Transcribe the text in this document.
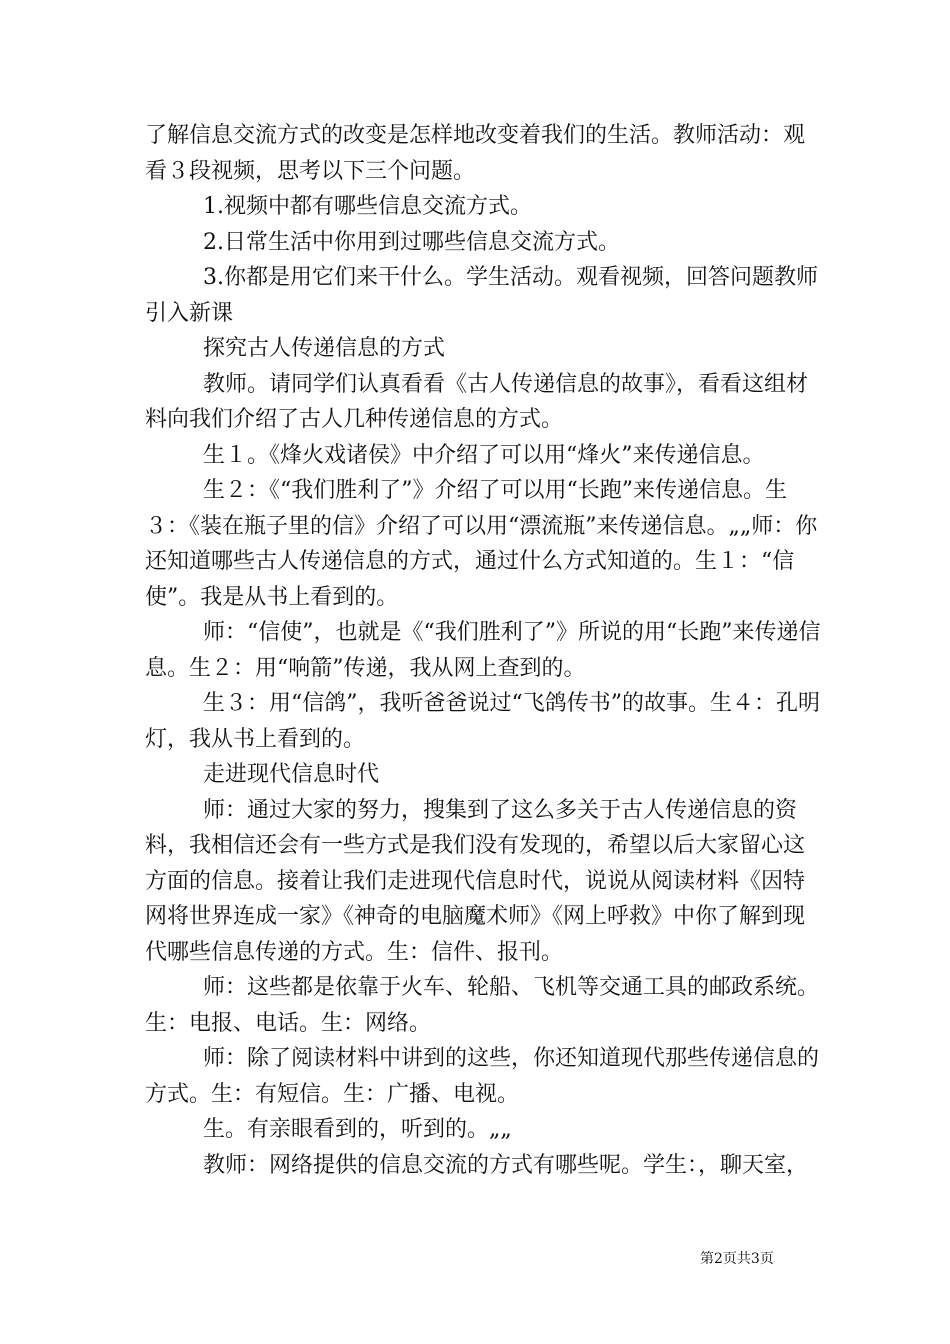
了解信息交流方式的改变是怎样地改变着我们的生活。教师活动：观看３段视频，思考以下三个问题。

1.视频中都有哪些信息交流方式。

2.日常生活中你用到过哪些信息交流方式。

3.你都是用它们来干什么。学生活动。观看视频，回答问题教师引入新课

探究古人传递信息的方式

教师。请同学们认真看看《古人传递信息的故事》，看看这组材料向我们介绍了古人几种传递信息的方式。

生１。《烽火戏诸侯》中介绍了可以用“烽火”来传递信息。

生２：《“我们胜利了”》介绍了可以用“长跑”来传递信息。生３：《装在瓶子里的信》介绍了可以用“漂流瓶”来传递信息。„„师：你还知道哪些古人传递信息的方式，通过什么方式知道的。生１：“信使”。我是从书上看到的。

师：“信使”，也就是《“我们胜利了”》所说的用“长跑”来传递信息。生２：用“响箭”传递，我从网上查到的。

生３：用“信鸽”，我听爸爸说过“飞鸽传书”的故事。生４：孔明灯，我从书上看到的。

走进现代信息时代

师：通过大家的努力，搜集到了这么多关于古人传递信息的资料，我相信还会有一些方式是我们没有发现的，希望以后大家留心这方面的信息。接着让我们走进现代信息时代，说说从阅读材料《因特网将世界连成一家》《神奇的电脑魔术师》《网上呼救》中你了解到现代哪些信息传递的方式。生：信件、报刊。

师：这些都是依靠于火车、轮船、飞机等交通工具的邮政系统。生：电报、电话。生：网络。

师：除了阅读材料中讲到的这些，你还知道现代那些传递信息的方式。生：有短信。生：广播、电视。

生。有亲眼看到的，听到的。„„

教师：网络提供的信息交流的方式有哪些呢。学生：，聊天室，

第2页共3页
